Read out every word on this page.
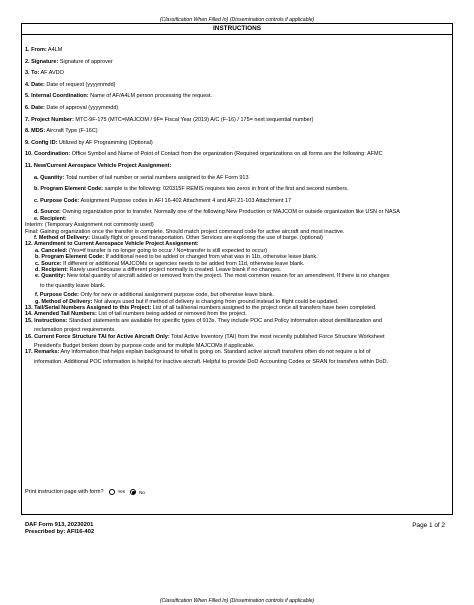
(Classification When Filled In) (Dissemination controls if applicable)
INSTRUCTIONS
1. From: A4LM
2. Signature: Signature of approver
3. To: AF AVDO
4. Date: Date of request (yyyymmdd)
5. Internal Coordination: Name of AF/A4LM person processing the request.
6. Date: Date of approval (yyyymmdd)
7. Project Number: MTC-9F-175 (MTC=MAJCOM / 9F= Fiscal Year (2019) A/C (F-16) / 175= next sequential number)
8. MDS: Aircraft Type (F-16C)
9. Config ID: Utilized by AF Programming (Optional)
10. Coordination: Office Symbol and Name of Point of Contact from the organization (Required organizations on all forms are the following: AFMC
11. New/Current Aerospace Vehicle Project Assignment:
a. Quantity: Total number of tail number or serial numbers assigned to the AF Form 913
b. Program Element Code: sample is the following: 020315F REMIS requires two zeros in front of the first and second numbers.
c. Purpose Code: Assignment Purpose codes in AFI 16-402 Attachment 4 and AFI 21-103 Attachment 17
d. Source: Owning organization prior to transfer. Normally one of the following New Production or MAJCOM or outside organization like USN or NASA
e. Recipient:
Interim: (Temporary Assignment not commonly used)
Final: Gaining organization once the transfer is complete. Should match project command code for active aircraft and most inactive.
f. Method of Delivery: Usually flight or ground transportation. Other Services are exploring the use of barge. (optional)
12. Amendment to Current Aerospace Vehicle Project Assignment:
a. Canceled: (Yes=if transfer is no longer going to occur / No=transfer is still expected to occur)
b. Program Element Code: If additional need to be added or changed from what was in 11b, otherwise leave blank.
c. Source: If different or additional MAJCOMs or agencies needs to be added from 11d, otherwise leave blank.
d. Recipient: Rarely used because a different project normally is created. Leave blank if no changes.
e. Quantity: New total quantity of aircraft added or removed from the project. The most common reason for an amendment. If there is no changes
to the quantity leave blank.
f. Purpose Code: Only for new or additional assignment purpose code, but otherwise leave blank.
g. Method of Delivery: Not always used but if method of delivery is changing from ground instead to flight could be updated.
13. Tail/Serial Numbers Assigned to this Project: List of all tail/serial numbers assigned to the project once all transfers have been completed.
14. Amended Tail Numbers: List of tail numbers being added or removed from the project.
15. Instructions: Standard statements are available for specific types of 913s. They include POC and Policy information about demilitarization and
reclamation project requirements.
16. Current Force Structure TAI for Active Aircraft Only: Total Active Inventory (TAI) from the most recently published Force Structure Worksheet
President's Budget broken down by purpose code and for multiple MAJCOMs if applicable.
17. Remarks: Any information that helps explain background to what is going on. Standard active aircraft transfers often do not require a lot of
information. Additional POC information is helpful for inactive aircraft. Helpful to provide DoD Accounting Codes or SRAN for transfers within DoD.
Print instruction page with form?	Yes	No
DAF Form 913, 20230201
Prescribed by: AFI16-402
Page 1 of 2
(Classification When Filled In) (Dissemination controls if applicable)
